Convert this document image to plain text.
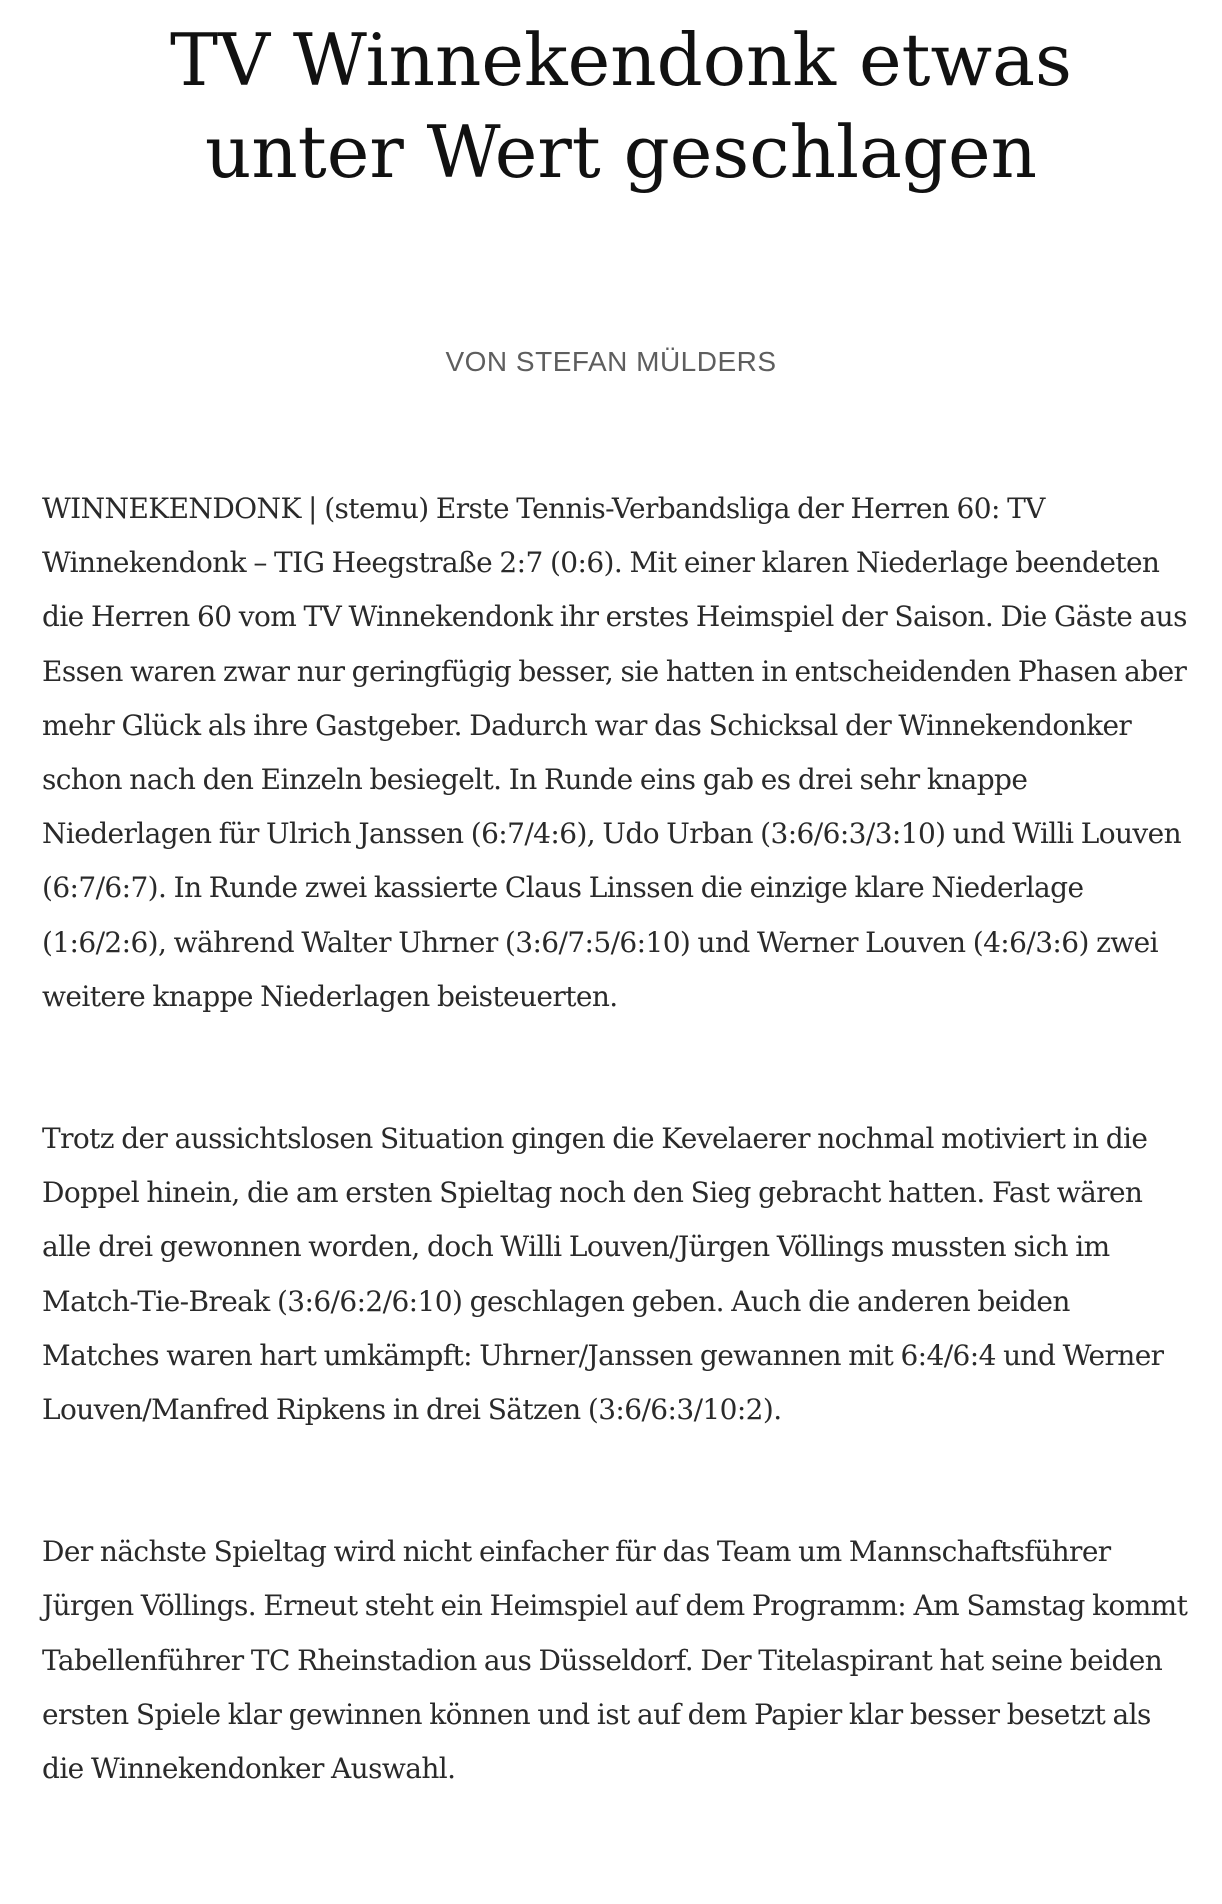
TV Winnekendonk etwas unter Wert geschlagen
VON STEFAN MÜLDERS

WINNEKENDONK | (stemu) Erste Tennis-Verbandsliga der Herren 60: TV Winnekendonk – TIG Heegstraße 2:7 (0:6). Mit einer klaren Niederlage beendeten die Herren 60 vom TV Winnekendonk ihr erstes Heimspiel der Saison. Die Gäste aus Essen waren zwar nur geringfügig besser, sie hatten in entscheidenden Phasen aber mehr Glück als ihre Gastgeber. Dadurch war das Schicksal der Winnekendonker schon nach den Einzeln besiegelt. In Runde eins gab es drei sehr knappe Niederlagen für Ulrich Janssen (6:7/4:6), Udo Urban (3:6/6:3/3:10) und Willi Louven (6:7/6:7). In Runde zwei kassierte Claus Linssen die einzige klare Niederlage (1:6/2:6), während Walter Uhrner (3:6/7:5/6:10) und Werner Louven (4:6/3:6) zwei weitere knappe Niederlagen beisteuerten.

Trotz der aussichtslosen Situation gingen die Kevelaerer nochmal motiviert in die Doppel hinein, die am ersten Spieltag noch den Sieg gebracht hatten. Fast wären alle drei gewonnen worden, doch Willi Louven/Jürgen Völlings mussten sich im Match-Tie-Break (3:6/6:2/6:10) geschlagen geben. Auch die anderen beiden Matches waren hart umkämpft: Uhrner/Janssen gewannen mit 6:4/6:4 und Werner Louven/Manfred Ripkens in drei Sätzen (3:6/6:3/10:2).

Der nächste Spieltag wird nicht einfacher für das Team um Mannschaftsführer Jürgen Völlings. Erneut steht ein Heimspiel auf dem Programm: Am Samstag kommt Tabellenführer TC Rheinstadion aus Düsseldorf. Der Titelaspirant hat seine beiden ersten Spiele klar gewinnen können und ist auf dem Papier klar besser besetzt als die Winnekendonker Auswahl.
